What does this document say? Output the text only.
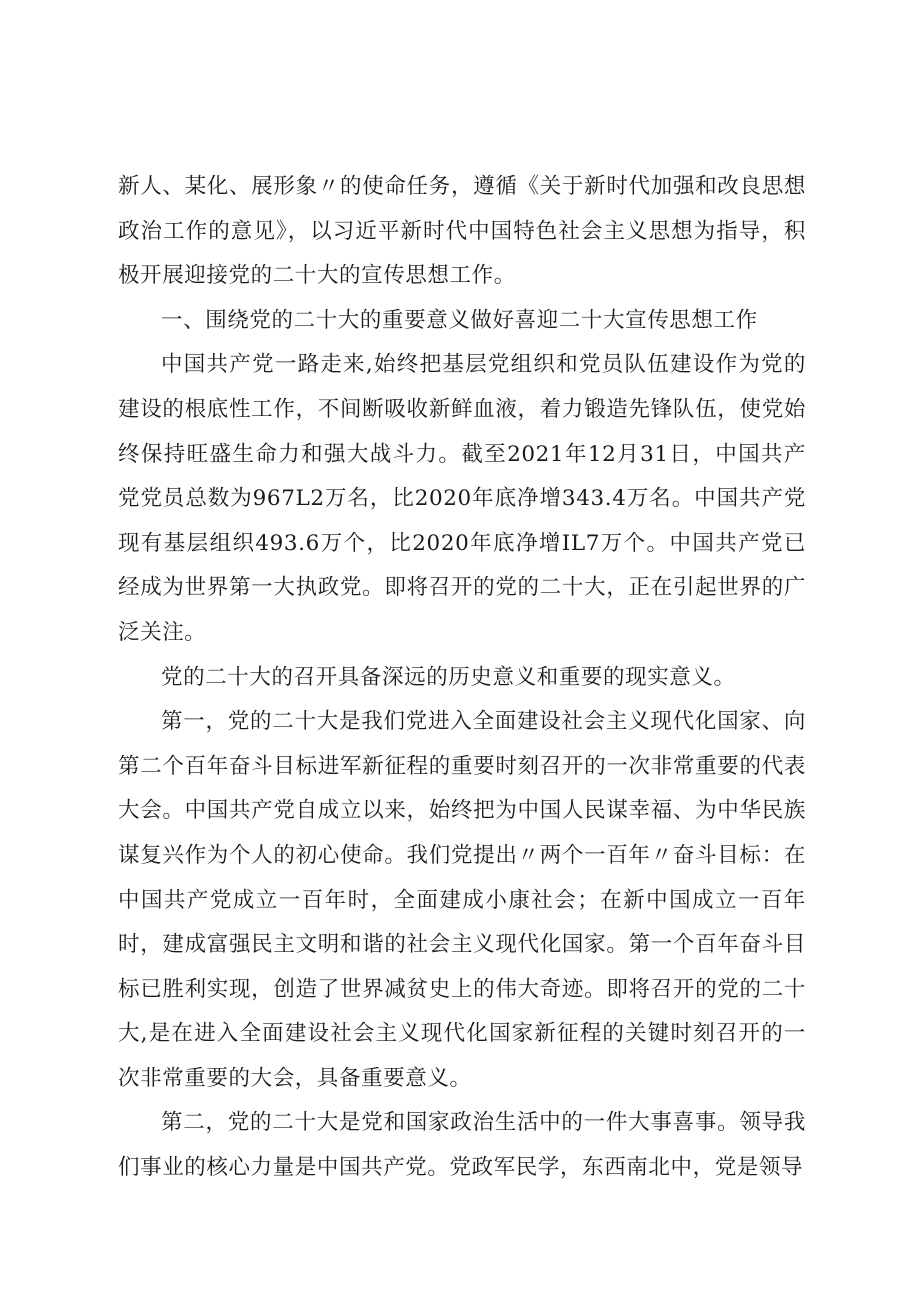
新人、某化、展形象〃的使命任务，遵循《关于新时代加强和改良思想政治工作的意见》，以习近平新时代中国特色社会主义思想为指导，积极开展迎接党的二十大的宣传思想工作。

一、围绕党的二十大的重要意义做好喜迎二十大宣传思想工作

中国共产党一路走来,始终把基层党组织和党员队伍建设作为党的建设的根底性工作，不间断吸收新鲜血液，着力锻造先锋队伍，使党始终保持旺盛生命力和强大战斗力。截至2021年12月31日，中国共产党党员总数为967L2万名，比2020年底净增343.4万名。中国共产党现有基层组织493.6万个，比2020年底净增IL7万个。中国共产党已经成为世界第一大执政党。即将召开的党的二十大，正在引起世界的广泛关注。

党的二十大的召开具备深远的历史意义和重要的现实意义。

第一，党的二十大是我们党进入全面建设社会主义现代化国家、向第二个百年奋斗目标进军新征程的重要时刻召开的一次非常重要的代表大会。中国共产党自成立以来，始终把为中国人民谋幸福、为中华民族谋复兴作为个人的初心使命。我们党提出〃两个一百年〃奋斗目标：在中国共产党成立一百年时，全面建成小康社会；在新中国成立一百年时，建成富强民主文明和谐的社会主义现代化国家。第一个百年奋斗目标已胜利实现，创造了世界减贫史上的伟大奇迹。即将召开的党的二十大,是在进入全面建设社会主义现代化国家新征程的关键时刻召开的一次非常重要的大会，具备重要意义。

第二，党的二十大是党和国家政治生活中的一件大事喜事。领导我们事业的核心力量是中国共产党。党政军民学，东西南北中，党是领导
